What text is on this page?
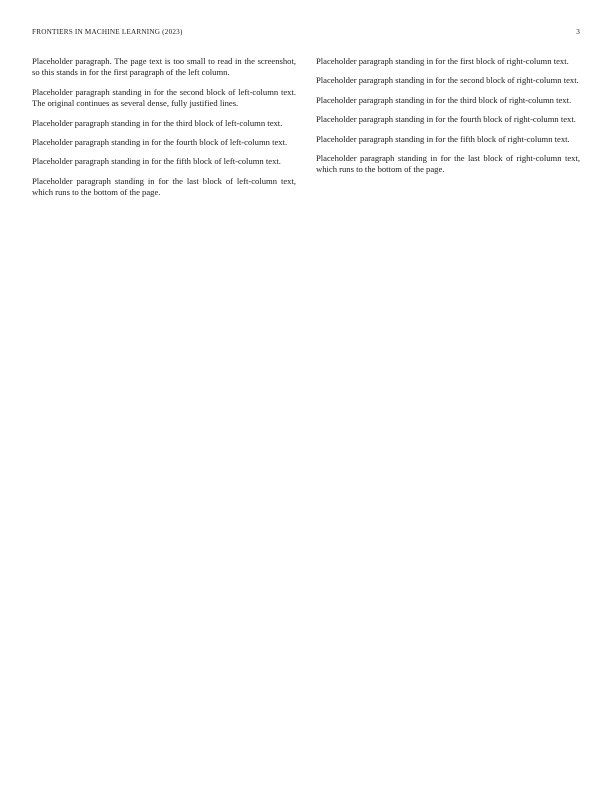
FRONTIERS IN MACHINE LEARNING (2023)	3

Placeholder paragraph. The page text is too small to read in the screenshot, so this stands in for the first paragraph of the left column.

Placeholder paragraph standing in for the second block of left-column text. The original continues as several dense, fully justified lines.

Placeholder paragraph standing in for the third block of left-column text.

Placeholder paragraph standing in for the fourth block of left-column text.

Placeholder paragraph standing in for the fifth block of left-column text.

Placeholder paragraph standing in for the last block of left-column text, which runs to the bottom of the page.

Placeholder paragraph standing in for the first block of right-column text.

Placeholder paragraph standing in for the second block of right-column text.

Placeholder paragraph standing in for the third block of right-column text.

Placeholder paragraph standing in for the fourth block of right-column text.

Placeholder paragraph standing in for the fifth block of right-column text.

Placeholder paragraph standing in for the last block of right-column text, which runs to the bottom of the page.
